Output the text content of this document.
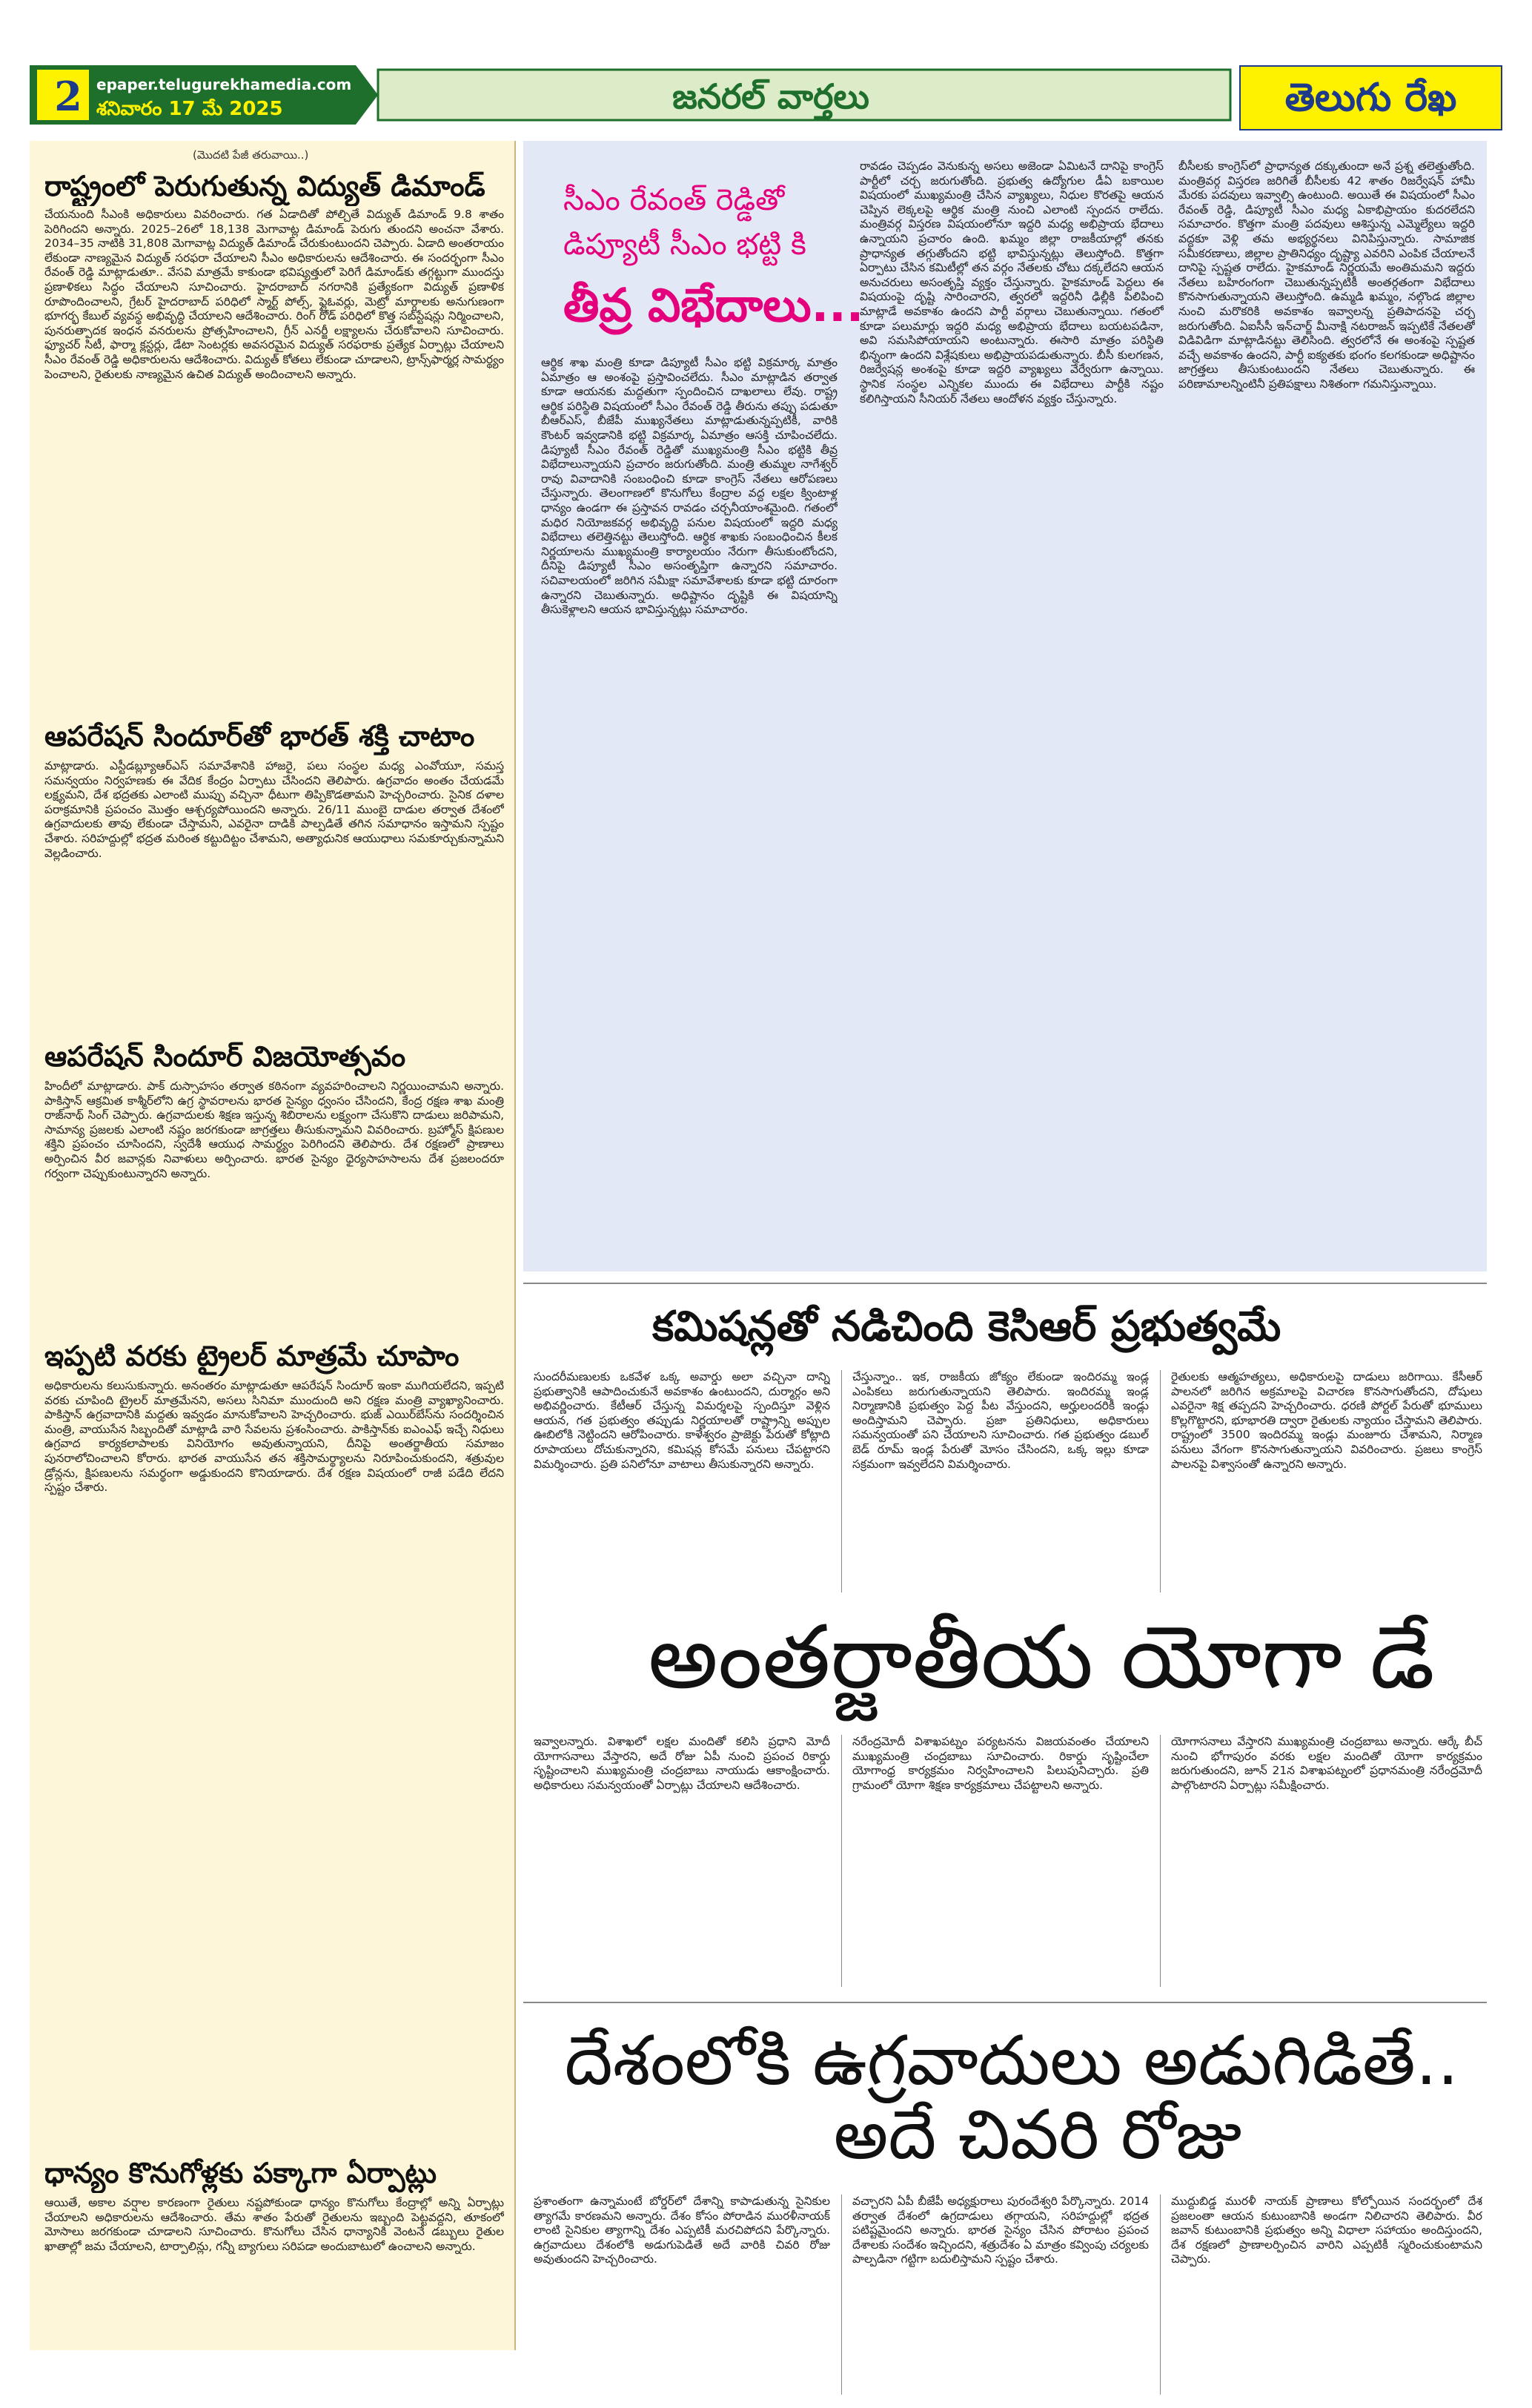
2 epaper.telugurekhamedia.com
శనివారం 17 మే 2025	జనరల్ వార్తలు	తెలుగు రేఖ
(మొదటి పేజీ తరువాయి..)
రాష్ట్రంలో పెరుగుతున్న విద్యుత్ డిమాండ్
చేయనుంది సీఎంకి అధికారులు వివరించారు. గత ఏడాదితో పోల్చితే విద్యుత్ డిమాండ్ 9.8 శాతం పెరిగిందని అన్నారు. 2025–26లో 18,138 మెగావాట్ల డిమాండ్ పెరుగు తుందని అంచనా వేశారు. 2034–35 నాటికి 31,808 మెగావాట్ల విద్యుత్ డిమాండ్ చేరుకుంటుందని చెప్పారు. ఏడాది అంతరాయం లేకుండా నాణ్యమైన విద్యుత్ సరఫరా చేయాలని సీఎం అధికారులను ఆదేశించారు. ఈ సందర్భంగా సీఎం రేవంత్ రెడ్డి మాట్లాడుతూ.. వేసవి మాత్రమే కాకుండా భవిష్యత్తులో పెరిగే డిమాండ్‌కు తగ్గట్టుగా ముందస్తు ప్రణాళికలు సిద్ధం చేయాలని సూచించారు. హైదరాబాద్ నగరానికి ప్రత్యేకంగా విద్యుత్ ప్రణాళిక రూపొందించాలని, గ్రేటర్ హైదరాబాద్ పరిధిలో స్మార్ట్ పోల్స్, ఫ్లైఓవర్లు, మెట్రో మార్గాలకు అనుగుణంగా భూగర్భ కేబుల్ వ్యవస్థ అభివృద్ధి చేయాలని ఆదేశించారు. రింగ్ రోడ్ పరిధిలో కొత్త సబ్‌స్టేషన్లు నిర్మించాలని, పునరుత్పాదక ఇంధన వనరులను ప్రోత్సహించాలని, గ్రీన్ ఎనర్జీ లక్ష్యాలను చేరుకోవాలని సూచించారు. ఫ్యూచర్ సిటీ, ఫార్మా క్లస్టర్లు, డేటా సెంటర్లకు అవసరమైన విద్యుత్ సరఫరాకు ప్రత్యేక ఏర్పాట్లు చేయాలని సీఎం రేవంత్ రెడ్డి అధికారులను ఆదేశించారు. విద్యుత్ కోతలు లేకుండా చూడాలని, ట్రాన్స్‌ఫార్మర్ల సామర్థ్యం పెంచాలని, రైతులకు నాణ్యమైన ఉచిత విద్యుత్ అందించాలని అన్నారు.
ఆపరేషన్ సిందూర్‌తో భారత్ శక్తి చాటాం
మాట్లాడారు. ఎస్టీడబ్ల్యూఆర్ఎస్ సమావేశానికి హాజరై, పలు సంస్థల మధ్య ఎంవోయూ, సమస్త సమన్వయం నిర్వహణకు ఈ వేదిక కేంద్రం ఏర్పాటు చేసిందని తెలిపారు. ఉగ్రవాదం అంతం చేయడమే లక్ష్యమని, దేశ భద్రతకు ఎలాంటి ముప్పు వచ్చినా ధీటుగా తిప్పికొడతామని హెచ్చరించారు. సైనిక దళాల పరాక్రమానికి ప్రపంచం మొత్తం ఆశ్చర్యపోయిందని అన్నారు. 26/11 ముంబై దాడుల తర్వాత దేశంలో ఉగ్రవాదులకు తావు లేకుండా చేస్తామని, ఎవరైనా దాడికి పాల్పడితే తగిన సమాధానం ఇస్తామని స్పష్టం చేశారు. సరిహద్దుల్లో భద్రత మరింత కట్టుదిట్టం చేశామని, అత్యాధునిక ఆయుధాలు సమకూర్చుకున్నామని వెల్లడించారు.
ఆపరేషన్ సిందూర్ విజయోత్సవం
హిందీలో మాట్లాడారు. పాక్ దుస్సాహసం తర్వాత కఠినంగా వ్యవహరించాలని నిర్ణయించామని అన్నారు. పాకిస్తాన్ ఆక్రమిత కాశ్మీర్‌లోని ఉగ్ర స్థావరాలను భారత సైన్యం ధ్వంసం చేసిందని, కేంద్ర రక్షణ శాఖ మంత్రి రాజ్‌నాథ్ సింగ్ చెప్పారు. ఉగ్రవాదులకు శిక్షణ ఇస్తున్న శిబిరాలను లక్ష్యంగా చేసుకొని దాడులు జరిపామని, సామాన్య ప్రజలకు ఎలాంటి నష్టం జరగకుండా జాగ్రత్తలు తీసుకున్నామని వివరించారు. బ్రహ్మోస్ క్షిపణుల శక్తిని ప్రపంచం చూసిందని, స్వదేశీ ఆయుధ సామర్థ్యం పెరిగిందని తెలిపారు. దేశ రక్షణలో ప్రాణాలు అర్పించిన వీర జవాన్లకు నివాళులు అర్పించారు. భారత సైన్యం ధైర్యసాహసాలను దేశ ప్రజలందరూ గర్వంగా చెప్పుకుంటున్నారని అన్నారు.
ఇప్పటి వరకు ట్రైలర్ మాత్రమే చూపాం
అధికారులను కలుసుకున్నారు. అనంతరం మాట్లాడుతూ ఆపరేషన్ సిందూర్ ఇంకా ముగియలేదని, ఇప్పటి వరకు చూపింది ట్రైలర్ మాత్రమేనని, అసలు సినిమా ముందుంది అని రక్షణ మంత్రి వ్యాఖ్యానించారు. పాకిస్తాన్ ఉగ్రవాదానికి మద్దతు ఇవ్వడం మానుకోవాలని హెచ్చరించారు. భుజ్ ఎయిర్‌బేస్‌ను సందర్శించిన మంత్రి, వాయుసేన సిబ్బందితో మాట్లాడి వారి సేవలను ప్రశంసించారు. పాకిస్తాన్‌కు ఐఎంఎఫ్ ఇచ్చే నిధులు ఉగ్రవాద కార్యకలాపాలకు వినియోగం అవుతున్నాయని, దీనిపై అంతర్జాతీయ సమాజం పునరాలోచించాలని కోరారు. భారత వాయుసేన తన శక్తిసామర్థ్యాలను నిరూపించుకుందని, శత్రువుల డ్రోన్లను, క్షిపణులను సమర్థంగా అడ్డుకుందని కొనియాడారు. దేశ రక్షణ విషయంలో రాజీ పడేది లేదని స్పష్టం చేశారు.
ధాన్యం కొనుగోళ్లకు పక్కాగా ఏర్పాట్లు
ఆయితే, అకాల వర్షాల కారణంగా రైతులు నష్టపోకుండా ధాన్యం కొనుగోలు కేంద్రాల్లో అన్ని ఏర్పాట్లు చేయాలని అధికారులను ఆదేశించారు. తేమ శాతం పేరుతో రైతులను ఇబ్బంది పెట్టవద్దని, తూకంలో మోసాలు జరగకుండా చూడాలని సూచించారు. కొనుగోలు చేసిన ధాన్యానికి వెంటనే డబ్బులు రైతుల ఖాతాల్లో జమ చేయాలని, టార్పాలిన్లు, గన్నీ బ్యాగులు సరిపడా అందుబాటులో ఉంచాలని అన్నారు.
సీఎం రేవంత్ రెడ్డితో
డిప్యూటీ సీఎం భట్టి కి
తీవ్ర విభేదాలు...
ఆర్థిక శాఖ మంత్రి కూడా డిప్యూటీ సీఎం భట్టి విక్రమార్క మాత్రం ఏమాత్రం ఆ అంశంపై ప్రస్తావించలేదు. సీఎం మాట్లాడిన తర్వాత కూడా ఆయనకు మద్దతుగా స్పందించిన దాఖలాలు లేవు. రాష్ట్ర ఆర్థిక పరిస్థితి విషయంలో సీఎం రేవంత్ రెడ్డి తీరును తప్పు పడుతూ బీఆర్ఎస్, బీజేపీ ముఖ్యనేతలు మాట్లాడుతున్నప్పటికీ, వారికి కౌంటర్ ఇవ్వడానికి భట్టి విక్రమార్క ఏమాత్రం ఆసక్తి చూపించలేదు. డిప్యూటీ సీఎం రేవంత్ రెడ్డితో ముఖ్యమంత్రి సీఎం భట్టికి తీవ్ర విభేదాలున్నాయని ప్రచారం జరుగుతోంది. మంత్రి తుమ్మల నాగేశ్వర్ రావు వివాదానికి సంబంధించి కూడా కాంగ్రెస్ నేతలు ఆరోపణలు చేస్తున్నారు. తెలంగాణలో కొనుగోలు కేంద్రాల వద్ద లక్షల క్వింటాళ్ల ధాన్యం ఉండగా ఈ ప్రస్తావన రావడం చర్చనీయాంశమైంది. గతంలో మధిర నియోజకవర్గ అభివృద్ధి పనుల విషయంలో ఇద్దరి మధ్య విభేదాలు తలెత్తినట్టు తెలుస్తోంది. ఆర్థిక శాఖకు సంబంధించిన కీలక నిర్ణయాలను ముఖ్యమంత్రి కార్యాలయం నేరుగా తీసుకుంటోందని, దీనిపై డిప్యూటీ సీఎం అసంతృప్తిగా ఉన్నారని సమాచారం. సచివాలయంలో జరిగిన సమీక్షా సమావేశాలకు కూడా భట్టి దూరంగా ఉన్నారని చెబుతున్నారు. అధిష్టానం దృష్టికి ఈ విషయాన్ని తీసుకెళ్లాలని ఆయన భావిస్తున్నట్లు సమాచారం.
రావడం చెప్పడం వెనుకున్న అసలు అజెండా ఏమిటనే దానిపై కాంగ్రెస్ పార్టీలో చర్చ జరుగుతోంది. ప్రభుత్వ ఉద్యోగుల డీఏ బకాయిల విషయంలో ముఖ్యమంత్రి చేసిన వ్యాఖ్యలు, నిధుల కొరతపై ఆయన చెప్పిన లెక్కలపై ఆర్థిక మంత్రి నుంచి ఎలాంటి స్పందన రాలేదు. మంత్రివర్గ విస్తరణ విషయంలోనూ ఇద్దరి మధ్య అభిప్రాయ భేదాలు ఉన్నాయని ప్రచారం ఉంది. ఖమ్మం జిల్లా రాజకీయాల్లో తనకు ప్రాధాన్యత తగ్గుతోందని భట్టి భావిస్తున్నట్లు తెలుస్తోంది. కొత్తగా ఏర్పాటు చేసిన కమిటీల్లో తన వర్గం నేతలకు చోటు దక్కలేదని ఆయన అనుచరులు అసంతృప్తి వ్యక్తం చేస్తున్నారు. హైకమాండ్ పెద్దలు ఈ విషయంపై దృష్టి సారించారని, త్వరలో ఇద్దరినీ ఢిల్లీకి పిలిపించి మాట్లాడే అవకాశం ఉందని పార్టీ వర్గాలు చెబుతున్నాయి. గతంలో కూడా పలుమార్లు ఇద్దరి మధ్య అభిప్రాయ భేదాలు బయటపడినా, అవి సమసిపోయాయని అంటున్నారు. ఈసారి మాత్రం పరిస్థితి భిన్నంగా ఉందని విశ్లేషకులు అభిప్రాయపడుతున్నారు. బీసీ కులగణన, రిజర్వేషన్ల అంశంపై కూడా ఇద్దరి వ్యాఖ్యలు వేర్వేరుగా ఉన్నాయి. స్థానిక సంస్థల ఎన్నికల ముందు ఈ విభేదాలు పార్టీకి నష్టం కలిగిస్తాయని సీనియర్ నేతలు ఆందోళన వ్యక్తం చేస్తున్నారు.
బీసీలకు కాంగ్రెస్‌లో ప్రాధాన్యత దక్కుతుందా అనే ప్రశ్న తలెత్తుతోంది. మంత్రివర్గ విస్తరణ జరిగితే బీసీలకు 42 శాతం రిజర్వేషన్ హామీ మేరకు పదవులు ఇవ్వాల్సి ఉంటుంది. అయితే ఈ విషయంలో సీఎం రేవంత్ రెడ్డి, డిప్యూటీ సీఎం మధ్య ఏకాభిప్రాయం కుదరలేదని సమాచారం. కొత్తగా మంత్రి పదవులు ఆశిస్తున్న ఎమ్మెల్యేలు ఇద్దరి వద్దకూ వెళ్లి తమ అభ్యర్థనలు వినిపిస్తున్నారు. సామాజిక సమీకరణాలు, జిల్లాల ప్రాతినిధ్యం దృష్ట్యా ఎవరిని ఎంపిక చేయాలనే దానిపై స్పష్టత రాలేదు. హైకమాండ్ నిర్ణయమే అంతిమమని ఇద్దరు నేతలు బహిరంగంగా చెబుతున్నప్పటికీ అంతర్గతంగా విభేదాలు కొనసాగుతున్నాయని తెలుస్తోంది. ఉమ్మడి ఖమ్మం, నల్గొండ జిల్లాల నుంచి మరొకరికి అవకాశం ఇవ్వాలన్న ప్రతిపాదనపై చర్చ జరుగుతోంది. ఏఐసీసీ ఇన్‌చార్జ్ మీనాక్షి నటరాజన్ ఇప్పటికే నేతలతో విడివిడిగా మాట్లాడినట్టు తెలిసింది. త్వరలోనే ఈ అంశంపై స్పష్టత వచ్చే అవకాశం ఉందని, పార్టీ ఐక్యతకు భంగం కలగకుండా అధిష్టానం జాగ్రత్తలు తీసుకుంటుందని నేతలు చెబుతున్నారు. ఈ పరిణామాలన్నింటినీ ప్రతిపక్షాలు నిశితంగా గమనిస్తున్నాయి.
కమిషన్లతో నడిచింది కెసిఆర్ ప్రభుత్వమే
సుందరీమణులకు ఒకవేళ ఒక్క అవార్డు అలా వచ్చినా దాన్ని ప్రభుత్వానికి ఆపాదించుకునే అవకాశం ఉంటుందని, దుర్మార్గం అని అభివర్ణించారు. కేటీఆర్ చేస్తున్న విమర్శలపై స్పందిస్తూ వెళ్లిన ఆయన, గత ప్రభుత్వం తప్పుడు నిర్ణయాలతో రాష్ట్రాన్ని అప్పుల ఊబిలోకి నెట్టిందని ఆరోపించారు. కాళేశ్వరం ప్రాజెక్టు పేరుతో కోట్లాది రూపాయలు దోచుకున్నారని, కమిషన్ల కోసమే పనులు చేపట్టారని విమర్శించారు. ప్రతి పనిలోనూ వాటాలు తీసుకున్నారని అన్నారు.
చేస్తున్నాం.. ఇక, రాజకీయ జోక్యం లేకుండా ఇందిరమ్మ ఇండ్ల ఎంపికలు జరుగుతున్నాయని తెలిపారు. ఇందిరమ్మ ఇండ్ల నిర్మాణానికి ప్రభుత్వం పెద్ద పీట వేస్తుందని, అర్హులందరికీ ఇండ్లు అందిస్తామని చెప్పారు. ప్రజా ప్రతినిధులు, అధికారులు సమన్వయంతో పని చేయాలని సూచించారు. గత ప్రభుత్వం డబుల్ బెడ్ రూమ్ ఇండ్ల పేరుతో మోసం చేసిందని, ఒక్క ఇల్లు కూడా సక్రమంగా ఇవ్వలేదని విమర్శించారు.
రైతులకు ఆత్మహత్యలు, అధికారులపై దాడులు జరిగాయి. కేసీఆర్ పాలనలో జరిగిన అక్రమాలపై విచారణ కొనసాగుతోందని, దోషులు ఎవరైనా శిక్ష తప్పదని హెచ్చరించారు. ధరణి పోర్టల్ పేరుతో భూములు కొల్లగొట్టారని, భూభారతి ద్వారా రైతులకు న్యాయం చేస్తామని తెలిపారు. రాష్ట్రంలో 3500 ఇందిరమ్మ ఇండ్లు మంజూరు చేశామని, నిర్మాణ పనులు వేగంగా కొనసాగుతున్నాయని వివరించారు. ప్రజలు కాంగ్రెస్ పాలనపై విశ్వాసంతో ఉన్నారని అన్నారు.
అంతర్జాతీయ యోగా డే
ఇవ్వాలన్నారు. విశాఖలో లక్షల మందితో కలిసి ప్రధాని మోదీ యోగాసనాలు వేస్తారని, అదే రోజు ఏపీ నుంచి ప్రపంచ రికార్డు సృష్టించాలని ముఖ్యమంత్రి చంద్రబాబు నాయుడు ఆకాంక్షించారు. అధికారులు సమన్వయంతో ఏర్పాట్లు చేయాలని ఆదేశించారు.
నరేంద్రమోదీ విశాఖపట్నం పర్యటనను విజయవంతం చేయాలని ముఖ్యమంత్రి చంద్రబాబు సూచించారు. రికార్డు సృష్టించేలా యోగాంధ్ర కార్యక్రమం నిర్వహించాలని పిలుపునిచ్చారు. ప్రతి గ్రామంలో యోగా శిక్షణ కార్యక్రమాలు చేపట్టాలని అన్నారు.
యోగాసనాలు వేస్తారని ముఖ్యమంత్రి చంద్రబాబు అన్నారు. ఆర్కే బీచ్ నుంచి భోగాపురం వరకు లక్షల మందితో యోగా కార్యక్రమం జరుగుతుందని, జూన్ 21న విశాఖపట్నంలో ప్రధానమంత్రి నరేంద్రమోదీ పాల్గొంటారని ఏర్పాట్లు సమీక్షించారు.
దేశంలోకి ఉగ్రవాదులు అడుగిడితే..
అదే చివరి రోజు
ప్రశాంతంగా ఉన్నామంటే బోర్డర్‌లో దేశాన్ని కాపాడుతున్న సైనికుల త్యాగమే కారణమని అన్నారు. దేశం కోసం పోరాడిన మురళీనాయక్ లాంటి సైనికుల త్యాగాన్ని దేశం ఎప్పటికీ మరచిపోదని పేర్కొన్నారు. ఉగ్రవాదులు దేశంలోకి అడుగుపెడితే అదే వారికి చివరి రోజు అవుతుందని హెచ్చరించారు.
వచ్చారని ఏపీ బీజేపీ అధ్యక్షురాలు పురందేశ్వరి పేర్కొన్నారు. 2014 తర్వాత దేశంలో ఉగ్రదాడులు తగ్గాయని, సరిహద్దుల్లో భద్రత పటిష్టమైందని అన్నారు. భారత సైన్యం చేసిన పోరాటం ప్రపంచ దేశాలకు సందేశం ఇచ్చిందని, శత్రుదేశం ఏ మాత్రం కవ్వింపు చర్యలకు పాల్పడినా గట్టిగా బదులిస్తామని స్పష్టం చేశారు.
ముద్దుబిడ్డ మురళీ నాయక్ ప్రాణాలు కోల్పోయిన సందర్భంలో దేశ ప్రజలంతా ఆయన కుటుంబానికి అండగా నిలిచారని తెలిపారు. వీర జవాన్ కుటుంబానికి ప్రభుత్వం అన్ని విధాలా సహాయం అందిస్తుందని, దేశ రక్షణలో ప్రాణాలర్పించిన వారిని ఎప్పటికీ స్మరించుకుంటామని చెప్పారు.
